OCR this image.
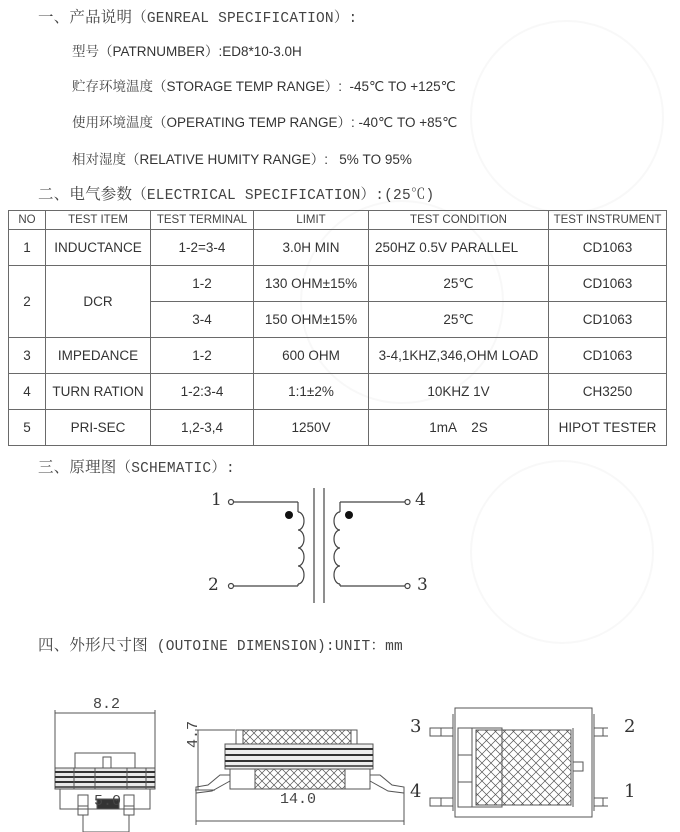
一、产品说明（GENREAL SPECIFICATION）:
型号（PATRNUMBER）:ED8*10-3.0H
贮存环境温度（STORAGE TEMP RANGE）:  -45℃ TO +125℃
使用环境温度（OPERATING TEMP RANGE）: -40℃ TO +85℃
相对湿度（RELATIVE HUMITY RANGE）:   5% TO 95%
二、电气参数（ELECTRICAL SPECIFICATION）:(25℃)
NO	TEST ITEM	TEST TERMINAL	LIMIT	TEST CONDITION	TEST INSTRUMENT
1	INDUCTANCE	1-2=3-4	3.0H MIN	250HZ 0.5V PARALLEL	CD1063
2	DCR	1-2	130 OHM±15%	25℃	CD1063
		3-4	150 OHM±15%	25℃	CD1063
3	IMPEDANCE	1-2	600 OHM	3-4,1KHZ,346,OHM LOAD	CD1063
4	TURN RATION	1-2:3-4	1:1±2%	10KHZ 1V	CH3250
5	PRI-SEC	1,2-3,4	1250V	1mA    2S	HIPOT TESTER
三、原理图（SCHEMATIC）:
1
2
4
3
四、外形尺寸图 (OUTOINE DIMENSION):UNIT：mm
8.2
5.0
4.7
14.0
3
4
2
1
